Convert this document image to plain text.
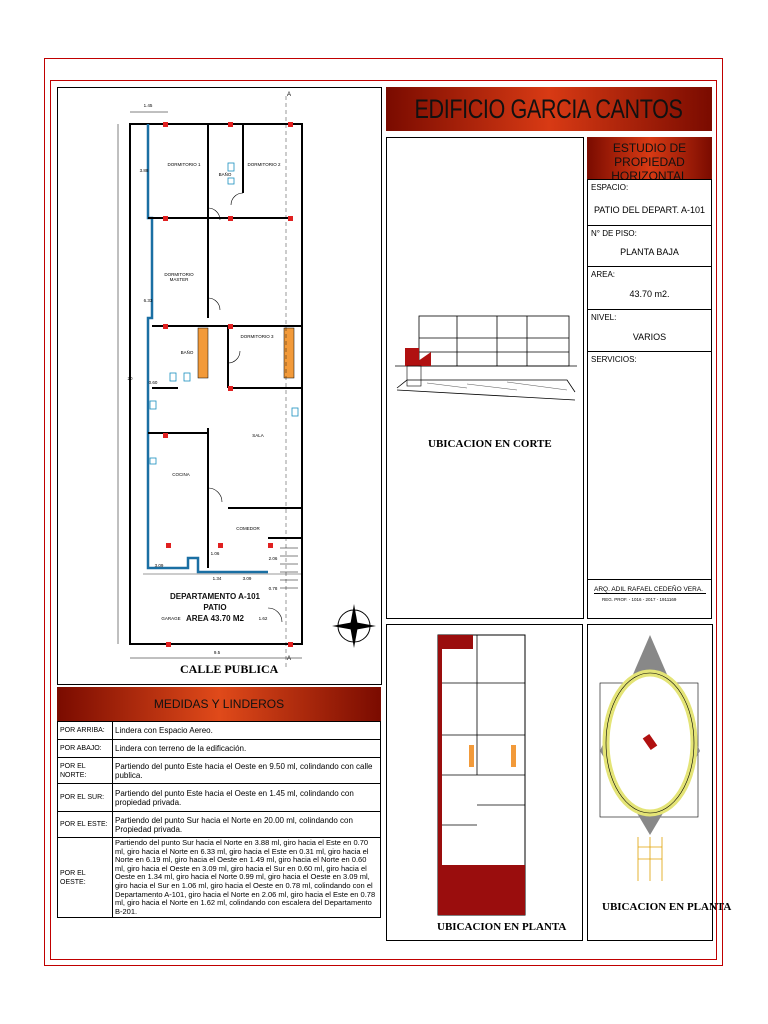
DORMITORIO 1
BAÑO
DORMITORIO 2
DORMITORIO MASTER
BAÑO
DORMITORIO 3
SALA
COCINA
COMEDOR
GARAGE
1.45
3.88
6.33
20
0.60
3.09
1.06
1.34	3.09
9.5
1.62
0.78
2.06
A
A
DEPARTAMENTO A-101 PATIO
AREA 43.70 M2
CALLE PUBLICA
EDIFICIO GARCIA CANTOS
UBICACION EN CORTE
ESTUDIO DE PROPIEDAD HORIZONTAL
ESPACIO:
PATIO DEL DEPART. A-101
N° DE PISO:
PLANTA BAJA
AREA:
43.70 m2.
NIVEL:
VARIOS
SERVICIOS:
ARQ. ADIL RAFAEL CEDEÑO VERA.
REG. PROF. - 1016 - 2017 - 1911169
UBICACION EN PLANTA
UBICACION EN PLANTA
MEDIDAS Y LINDEROS
POR ARRIBA:	Lindera con Espacio Aereo.
POR ABAJO:	Lindera con terreno de la edificación.
POR EL NORTE:	Partiendo del punto Este hacia el Oeste en 9.50 ml, colindando con calle publica.
POR EL SUR:	Partiendo del punto Este hacia el Oeste en 1.45 ml, colindando con propiedad privada.
POR EL ESTE:	Partiendo del punto Sur hacia el Norte en 20.00 ml, colindando con Propiedad privada.
POR EL OESTE:	Partiendo del punto Sur hacia el Norte en 3.88 ml, giro hacia el Este en 0.70 ml, giro hacia el Norte en 6.33 ml, giro hacia el Este en 0.31 ml, giro hacia el Norte en 6.19 ml, giro hacia el Oeste en 1.49 ml, giro hacia el Norte en 0.60 ml, giro hacia el Oeste en 3.09 ml, giro hacia el Sur en 0.60 ml, giro hacia el Oeste en 1.34 ml, giro hacia el Norte 0.99 ml, giro hacia el Oeste en 3.09 ml, giro hacia el Sur en 1.06 ml, giro hacia el Oeste en 0.78 ml, colindando con el Departamento A-101, giro hacia el Norte en 2.06 ml, giro hacia el Este en 0.78 ml, giro hacia el Norte en 1.62 ml, colindando con escalera del Departamento B-201.
